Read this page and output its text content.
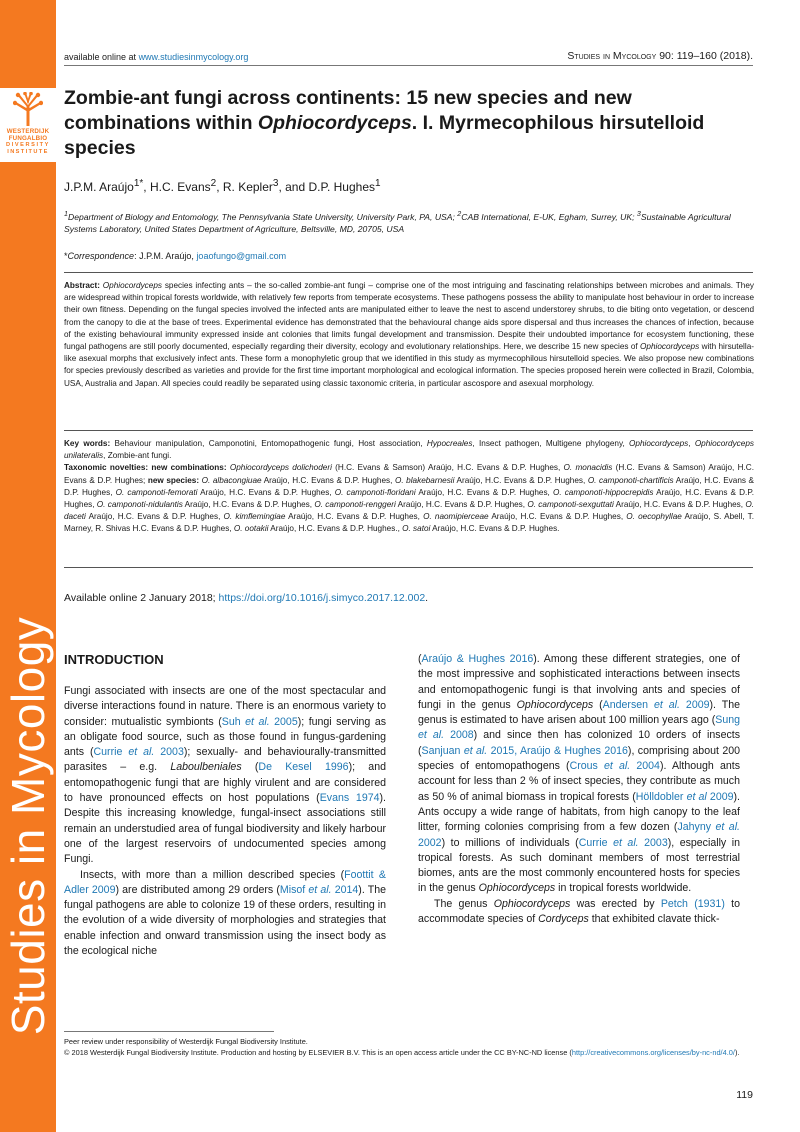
WESTERDIJK
FUNGALBIO
DIVERSITY
INSTITUTE
Studies in Mycology
available online at www.studiesinmycology.org	Studies in Mycology 90: 119–160 (2018).
Zombie-ant fungi across continents: 15 new species and new combinations within Ophiocordyceps. I. Myrmecophilous hirsutelloid species
J.P.M. Araújo$^{1*}$, H.C. Evans$^2$, R. Kepler$^3$, and D.P. Hughes$^1$
$^1$Department of Biology and Entomology, The Pennsylvania State University, University Park, PA, USA; $^2$CAB International, E-UK, Egham, Surrey, UK; $^3$Sustainable Agricultural Systems Laboratory, United States Department of Agriculture, Beltsville, MD, 20705, USA
*Correspondence: J.P.M. Araújo, joaofungo@gmail.com
Abstract: Ophiocordyceps species infecting ants – the so-called zombie-ant fungi – comprise one of the most intriguing and fascinating relationships between microbes and animals. They are widespread within tropical forests worldwide, with relatively few reports from temperate ecosystems. These pathogens possess the ability to manipulate host behaviour in order to increase their own fitness. Depending on the fungal species involved the infected ants are manipulated either to leave the nest to ascend understorey shrubs, to die biting onto vegetation, or descend from the canopy to die at the base of trees. Experimental evidence has demonstrated that the behavioural change aids spore dispersal and thus increases the chances of infection, because of the existing behavioural immunity expressed inside ant colonies that limits fungal development and transmission. Despite their undoubted importance for ecosystem functioning, these fungal pathogens are still poorly documented, especially regarding their diversity, ecology and evolutionary relationships. Here, we describe 15 new species of Ophiocordyceps with hirsutella-like asexual morphs that exclusively infect ants. These form a monophyletic group that we identified in this study as myrmecophilous hirsutelloid species. We also propose new combinations for species previously described as varieties and provide for the first time important morphological and ecological information. The species proposed herein were collected in Brazil, Colombia, USA, Australia and Japan. All species could readily be separated using classic taxonomic criteria, in particular ascospore and asexual morphology.
Key words: Behaviour manipulation, Camponotini, Entomopathogenic fungi, Host association, Hypocreales, Insect pathogen, Multigene phylogeny, Ophiocordyceps, Ophiocordyceps unilateralis, Zombie-ant fungi.
Taxonomic novelties: new combinations: Ophiocordyceps dolichoderi (H.C. Evans & Samson) Araújo, H.C. Evans & D.P. Hughes, O. monacidis (H.C. Evans & Samson) Araújo, H.C. Evans & D.P. Hughes; new species: O. albacongiuae Araújo, H.C. Evans & D.P. Hughes, O. blakebarnesii Araújo, H.C. Evans & D.P. Hughes, O. camponoti-chartificis Araújo, H.C. Evans & D.P. Hughes, O. camponoti-femorati Araújo, H.C. Evans & D.P. Hughes, O. camponoti-floridani Araújo, H.C. Evans & D.P. Hughes, O. camponoti-hippocrepidis Araújo, H.C. Evans & D.P. Hughes, O. camponoti-nidulantis Araújo, H.C. Evans & D.P. Hughes, O. camponoti-renggeri Araújo, H.C. Evans & D.P. Hughes, O. camponoti-sexguttati Araújo, H.C. Evans & D.P. Hughes, O. daceti Araújo, H.C. Evans & D.P. Hughes, O. kimflemingiae Araújo, H.C. Evans & D.P. Hughes, O. naomipierceae Araújo, H.C. Evans & D.P. Hughes, O. oecophyllae Araújo, S. Abell, T. Marney, R. Shivas H.C. Evans & D.P. Hughes, O. ootakii Araújo, H.C. Evans & D.P. Hughes., O. satoi Araújo, H.C. Evans & D.P. Hughes.
Available online 2 January 2018; https://doi.org/10.1016/j.simyco.2017.12.002.
INTRODUCTION

Fungi associated with insects are one of the most spectacular and diverse interactions found in nature. There is an enormous variety to consider: mutualistic symbionts (Suh et al. 2005); fungi serving as an obligate food source, such as those found in fungus-gardening ants (Currie et al. 2003); sexually- and behaviourally-transmitted parasites – e.g. Laboulbeniales (De Kesel 1996); and entomopathogenic fungi that are highly virulent and are considered to have pronounced effects on host populations (Evans 1974). Despite this increasing knowledge, fungal-insect associations still remain an understudied area of fungal biodiversity and likely harbour one of the largest reservoirs of undocumented species among Fungi.

Insects, with more than a million described species (Foottit & Adler 2009) are distributed among 29 orders (Misof et al. 2014). The fungal pathogens are able to colonize 19 of these orders, resulting in the evolution of a wide diversity of morphologies and strategies that enable infection and onward transmission using the insect body as the ecological niche

(Araújo & Hughes 2016). Among these different strategies, one of the most impressive and sophisticated interactions between insects and entomopathogenic fungi is that involving ants and species of fungi in the genus Ophiocordyceps (Andersen et al. 2009). The genus is estimated to have arisen about 100 million years ago (Sung et al. 2008) and since then has colonized 10 orders of insects (Sanjuan et al. 2015, Araújo & Hughes 2016), comprising about 200 species of entomopathogens (Crous et al. 2004). Although ants account for less than 2 % of insect species, they contribute as much as 50 % of animal biomass in tropical forests (Hölldobler et al 2009). Ants occupy a wide range of habitats, from high canopy to the leaf litter, forming colonies comprising from a few dozen (Jahyny et al. 2002) to millions of individuals (Currie et al. 2003), especially in tropical forests. As such dominant members of most terrestrial biomes, ants are the most commonly encountered hosts for species in the genus Ophiocordyceps in tropical forests worldwide.

The genus Ophiocordyceps was erected by Petch (1931) to accommodate species of Cordyceps that exhibited clavate thick-

Peer review under responsibility of Westerdijk Fungal Biodiversity Institute.
© 2018 Westerdijk Fungal Biodiversity Institute. Production and hosting by ELSEVIER B.V. This is an open access article under the CC BY-NC-ND license (http://creativecommons.org/licenses/by-nc-nd/4.0/).
119
